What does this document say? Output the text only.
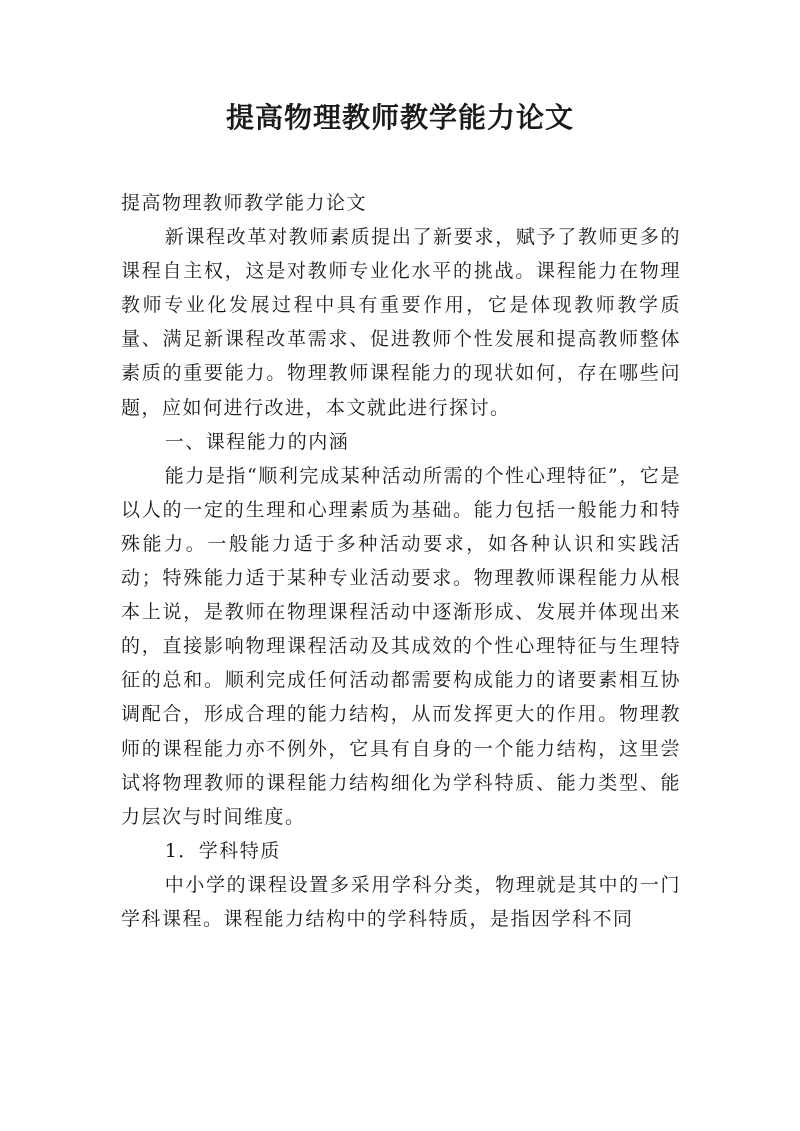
提高物理教师教学能力论文

提高物理教师教学能力论文

新课程改革对教师素质提出了新要求，赋予了教师更多的课程自主权，这是对教师专业化水平的挑战。课程能力在物理教师专业化发展过程中具有重要作用，它是体现教师教学质量、满足新课程改革需求、促进教师个性发展和提高教师整体素质的重要能力。物理教师课程能力的现状如何，存在哪些问题，应如何进行改进，本文就此进行探讨。

一、课程能力的内涵

能力是指“顺利完成某种活动所需的个性心理特征”，它是以人的一定的生理和心理素质为基础。能力包括一般能力和特殊能力。一般能力适于多种活动要求，如各种认识和实践活动；特殊能力适于某种专业活动要求。物理教师课程能力从根本上说，是教师在物理课程活动中逐渐形成、发展并体现出来的，直接影响物理课程活动及其成效的个性心理特征与生理特征的总和。顺利完成任何活动都需要构成能力的诸要素相互协调配合，形成合理的能力结构，从而发挥更大的作用。物理教师的课程能力亦不例外，它具有自身的一个能力结构，这里尝试将物理教师的课程能力结构细化为学科特质、能力类型、能力层次与时间维度。

1．学科特质

中小学的课程设置多采用学科分类，物理就是其中的一门学科课程。课程能力结构中的学科特质，是指因学科不同
